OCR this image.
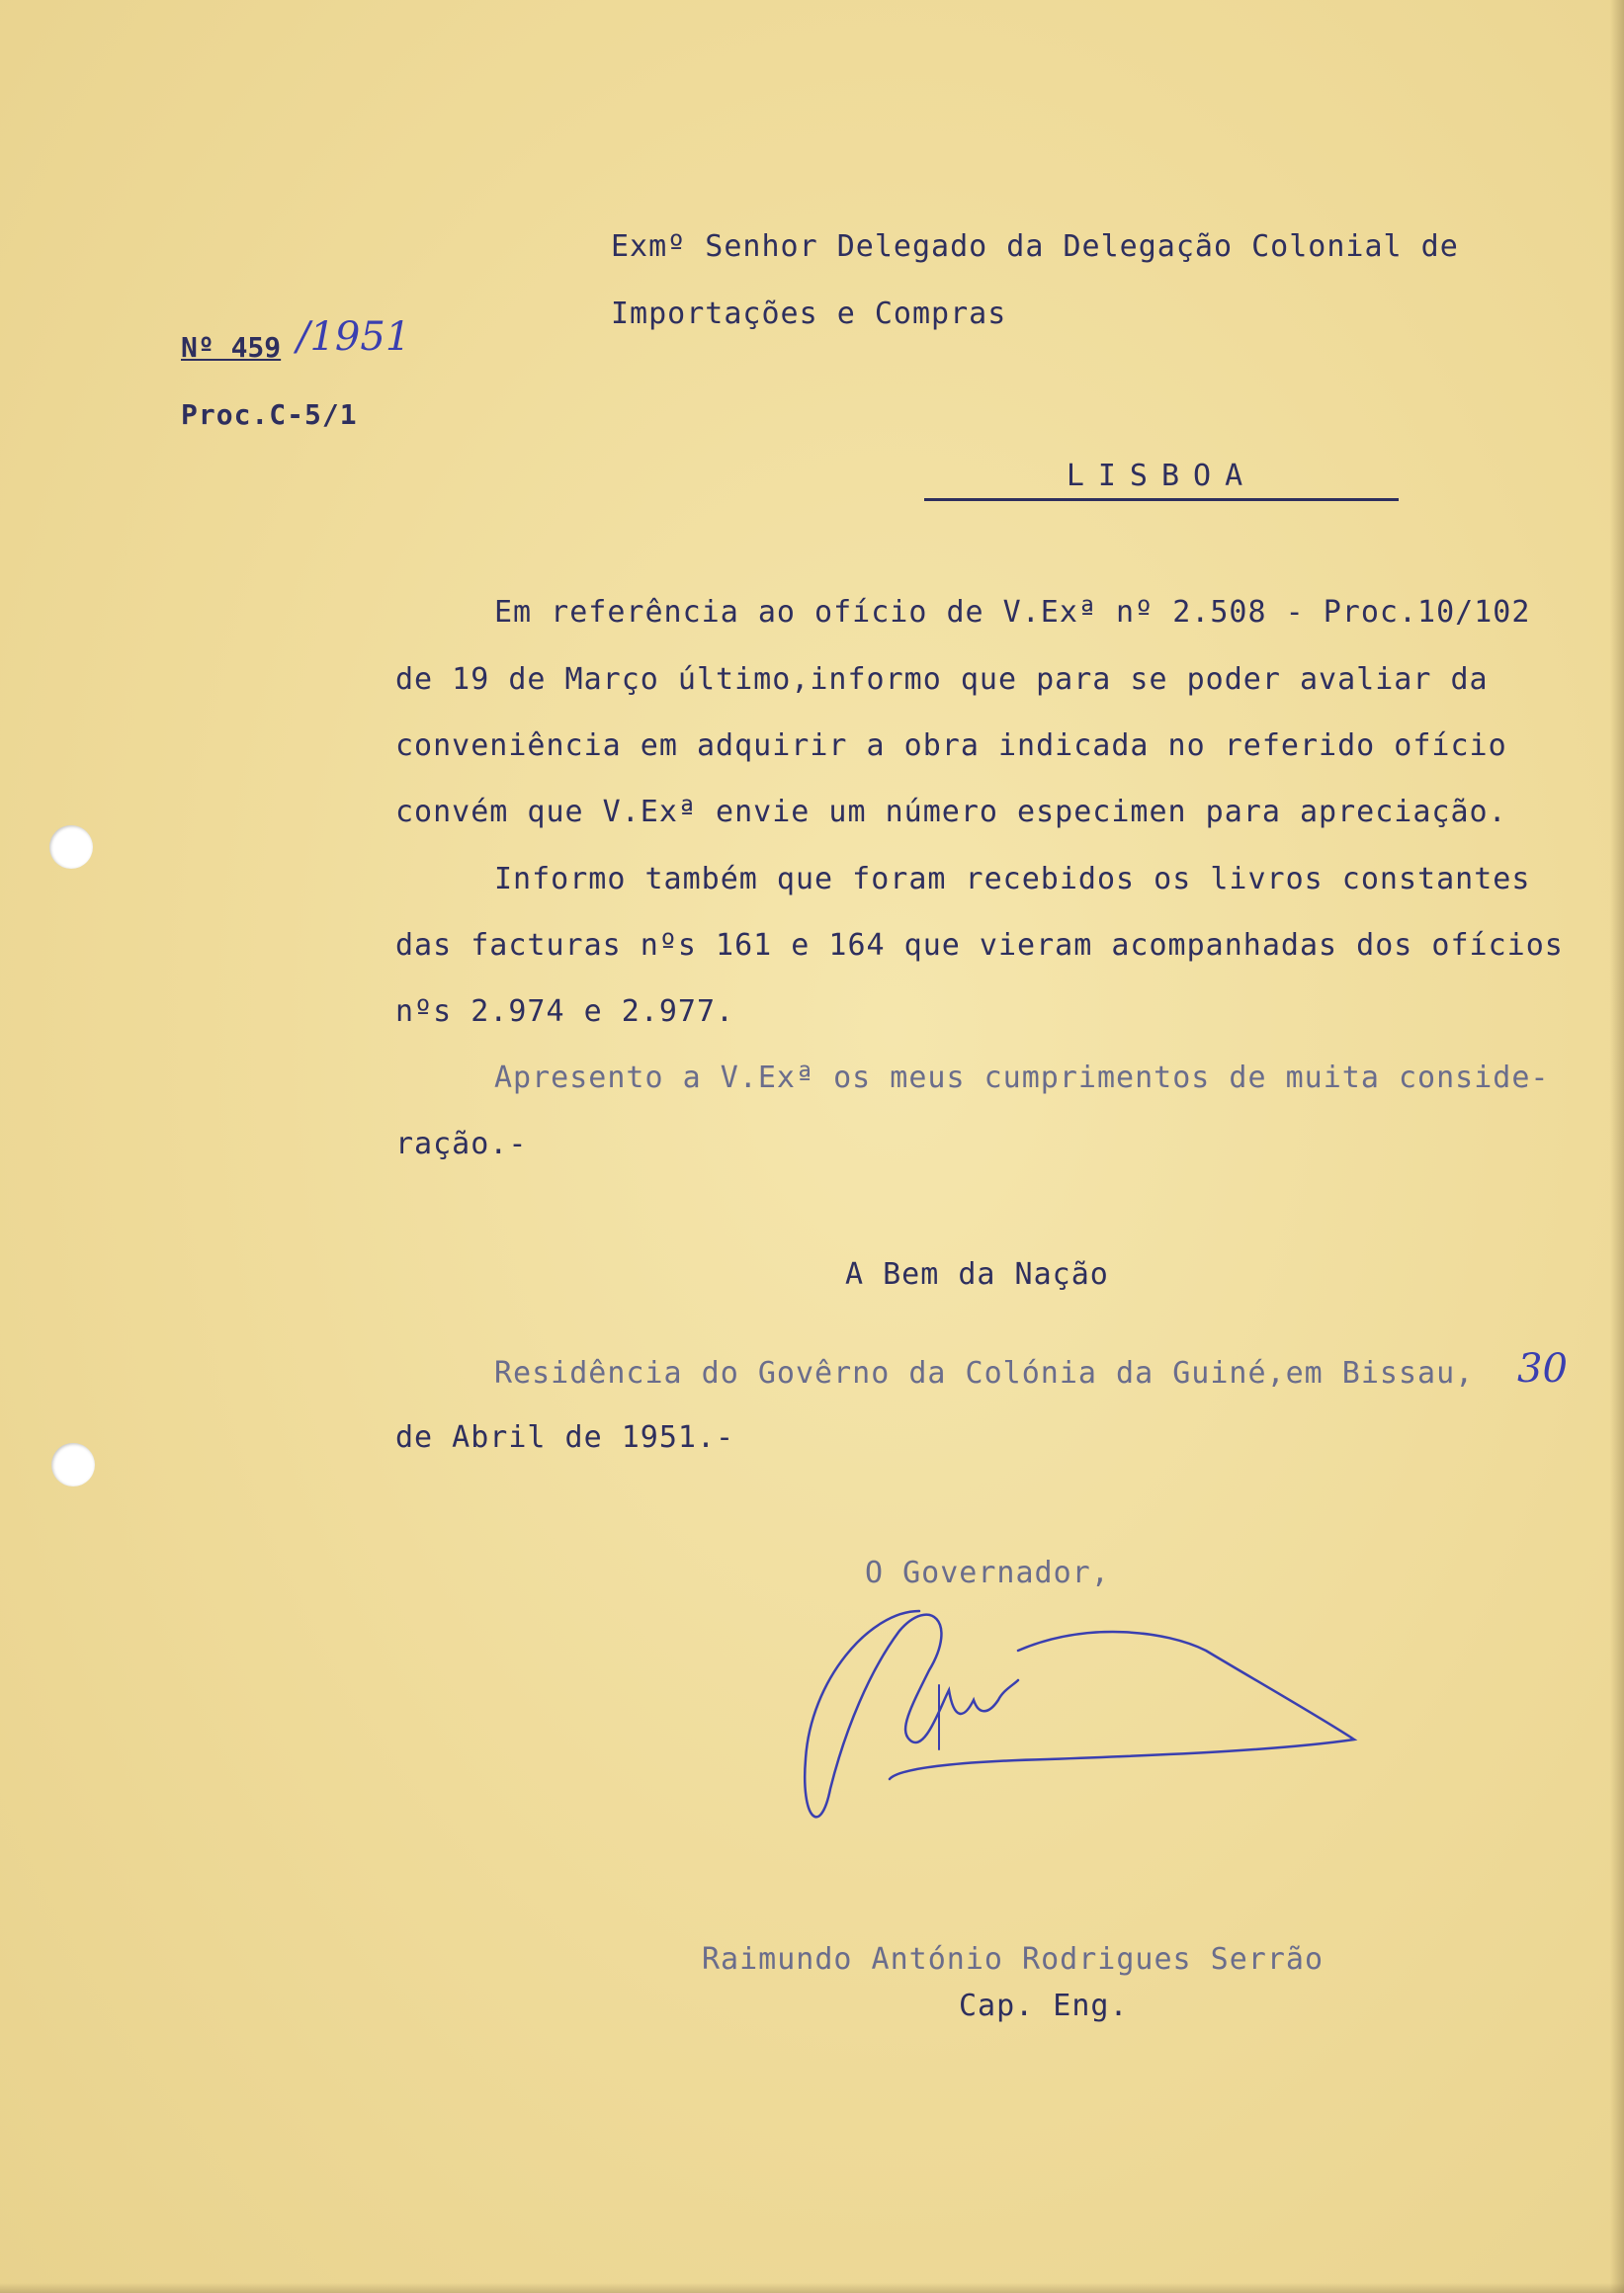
Exmº Senhor Delegado da Delegação Colonial de
Importações e Compras
Nº 459 /1951
Proc.C-5/1
LISBOA
Em referência ao ofício de V.Exª nº 2.508 - Proc.10/102
de 19 de Março último,informo que para se poder avaliar da
conveniência em adquirir a obra indicada no referido ofício
convém que V.Exª envie um número especimen para apreciação.
Informo também que foram recebidos os livros constantes
das facturas nºs 161 e 164 que vieram acompanhadas dos ofícios
nºs 2.974 e 2.977.
Apresento a V.Exª os meus cumprimentos de muita conside-
ração.-
A Bem da Nação
Residência do Govêrno da Colónia da Guiné,em Bissau, 30
de Abril de 1951.-
O Governador,
Raimundo António Rodrigues Serrão
Cap. Eng.
